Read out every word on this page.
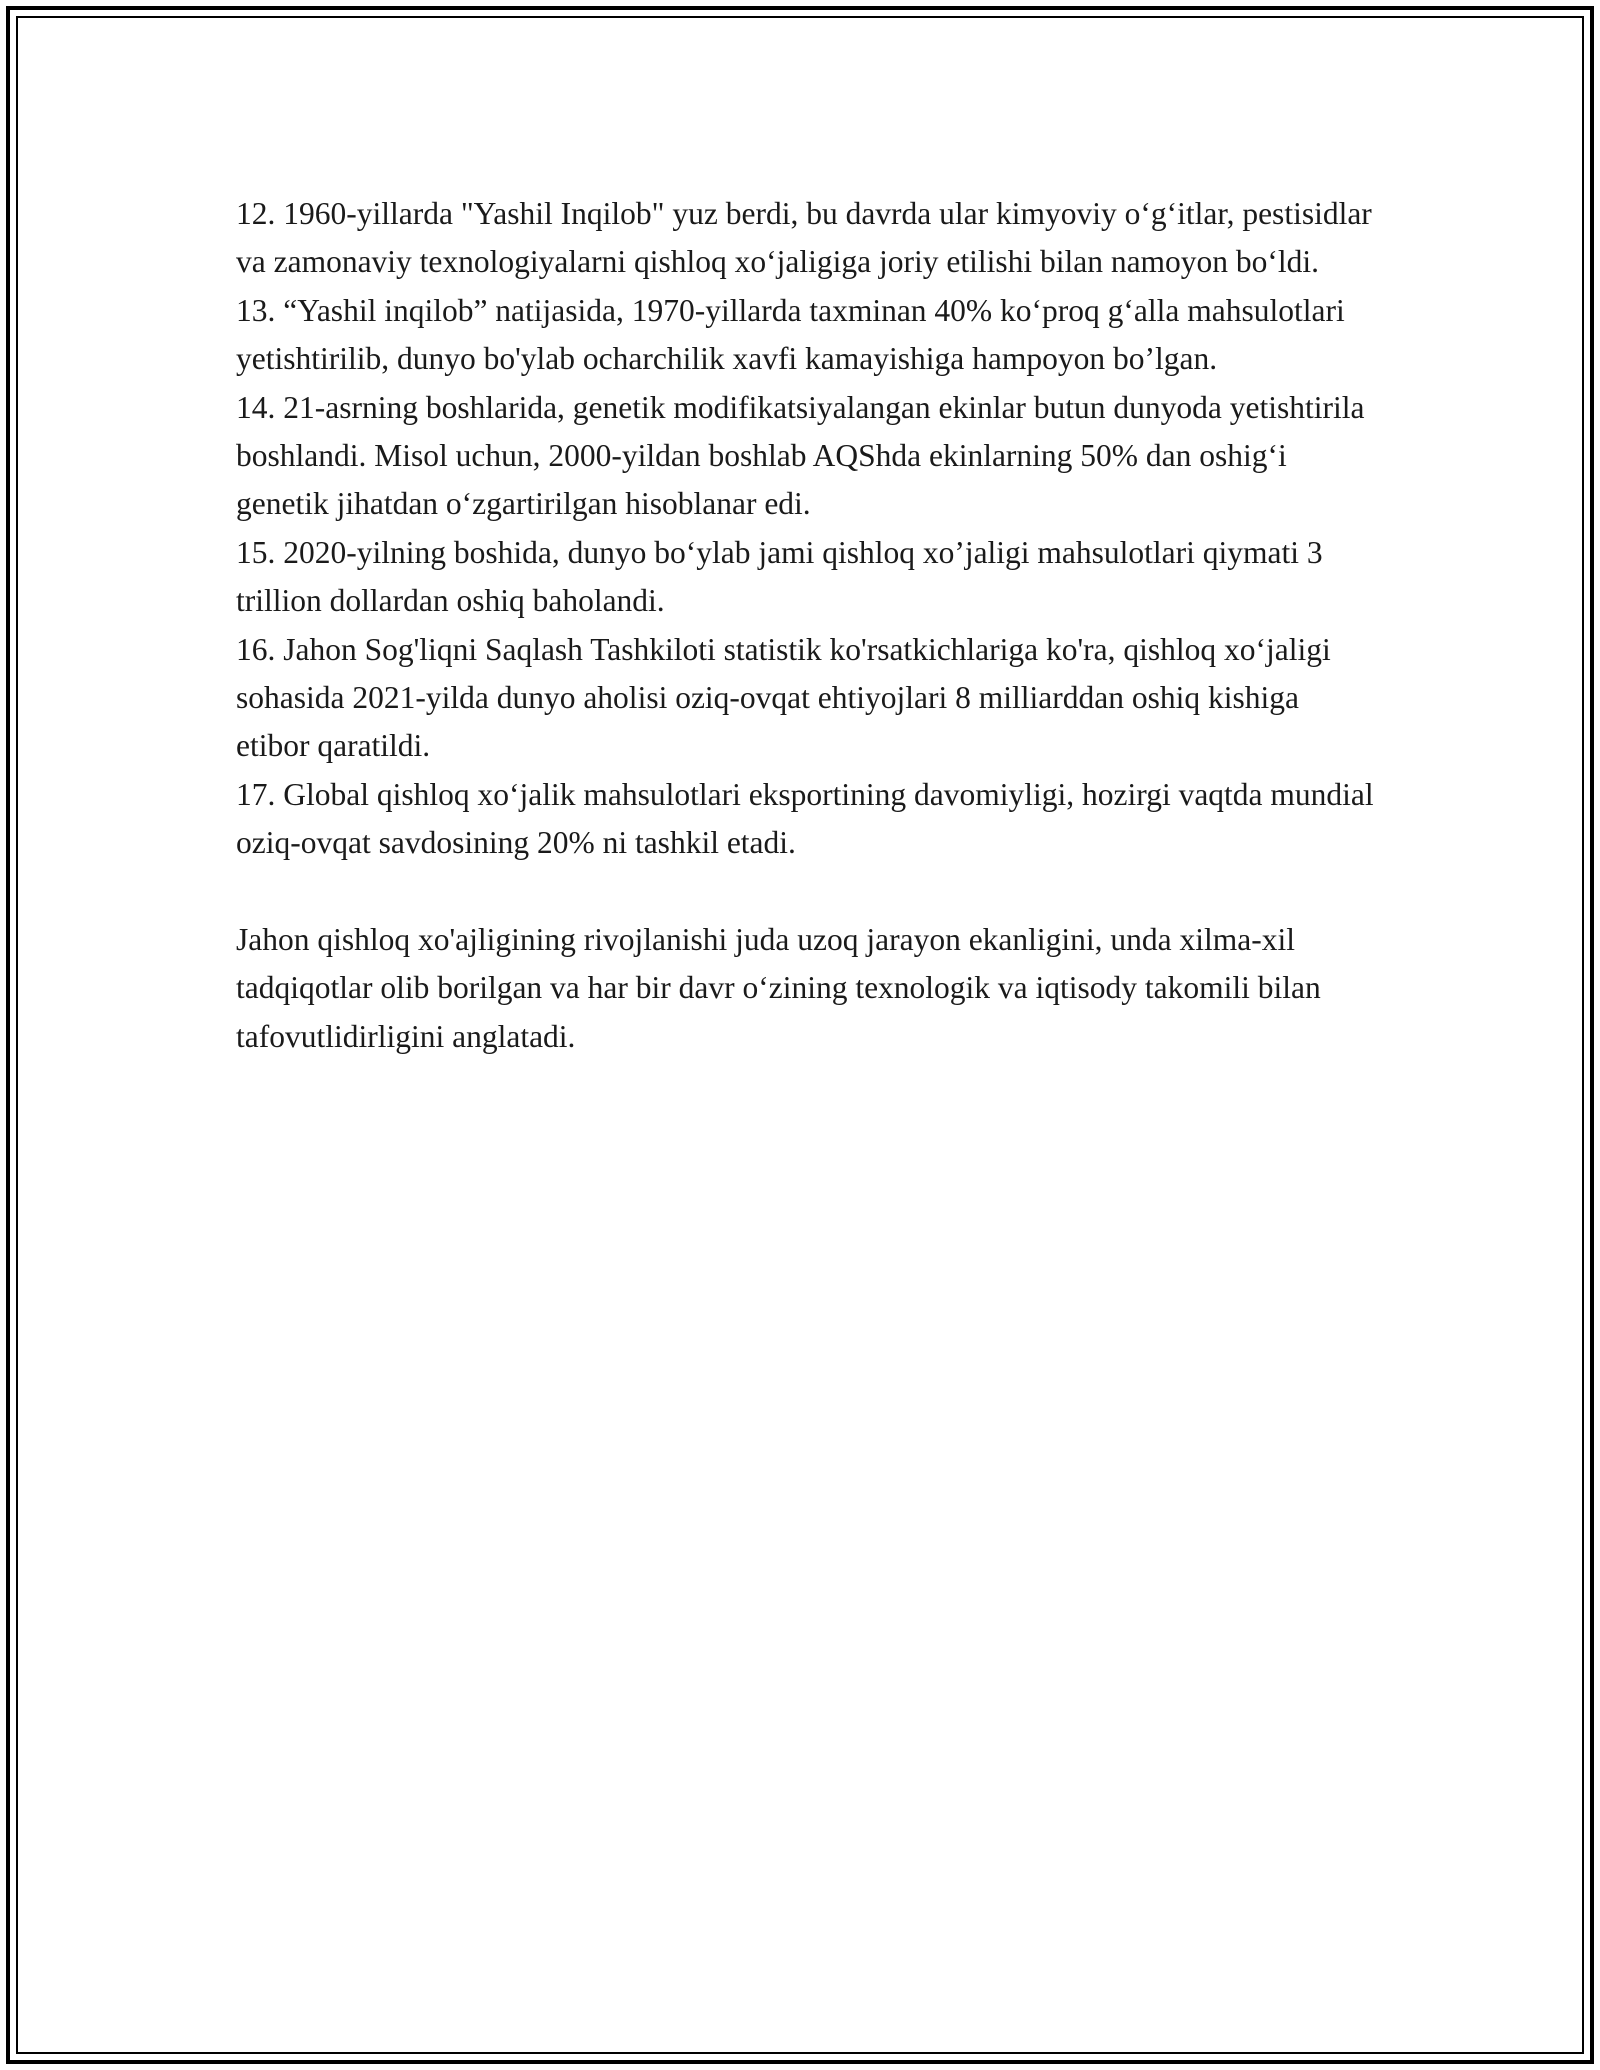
12. 1960-yillarda "Yashil Inqilob" yuz berdi, bu davrda ular kimyoviy o‘g‘itlar, pestisidlar va zamonaviy texnologiyalarni qishloq xo‘jaligiga joriy etilishi bilan namoyon bo‘ldi.

13. “Yashil inqilob” natijasida, 1970-yillarda taxminan 40% ko‘proq g‘alla mahsulotlari yetishtirilib, dunyo bo'ylab ocharchilik xavfi kamayishiga hampoyon bo’lgan.

14. 21-asrning boshlarida, genetik modifikatsiyalangan ekinlar butun dunyoda yetishtirila boshlandi. Misol uchun, 2000-yildan boshlab AQShda ekinlarning 50% dan oshig‘i genetik jihatdan o‘zgartirilgan hisoblanar edi.

15. 2020-yilning boshida, dunyo bo‘ylab jami qishloq xo’jaligi mahsulotlari qiymati 3 trillion dollardan oshiq baholandi.

16. Jahon Sog'liqni Saqlash Tashkiloti statistik ko'rsatkichlariga ko'ra, qishloq xo‘jaligi sohasida 2021-yilda dunyo aholisi oziq-ovqat ehtiyojlari 8 milliarddan oshiq kishiga etibor qaratildi.

17. Global qishloq xo‘jalik mahsulotlari eksportining davomiyligi, hozirgi vaqtda mundial oziq-ovqat savdosining 20% ni tashkil etadi.

Jahon qishloq xo'ajligining rivojlanishi juda uzoq jarayon ekanligini, unda xilma-xil tadqiqotlar olib borilgan va har bir davr o‘zining texnologik va iqtisody takomili bilan tafovutlidirligini anglatadi.
